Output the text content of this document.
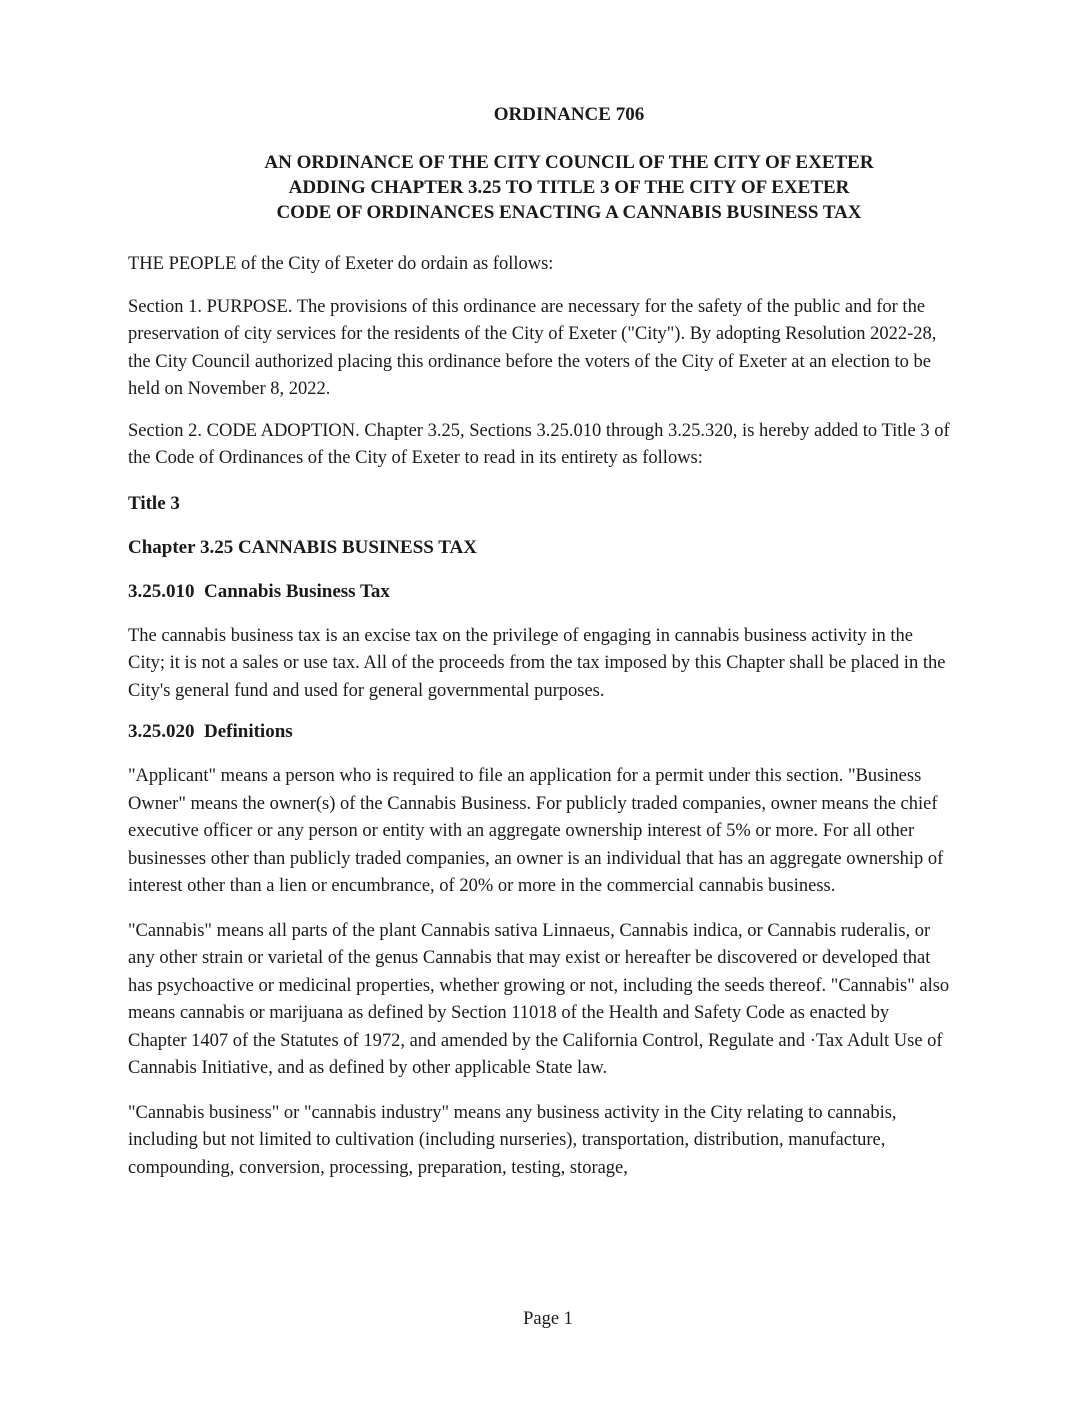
ORDINANCE 706
AN ORDINANCE OF THE CITY COUNCIL OF THE CITY OF EXETER
ADDING CHAPTER 3.25 TO TITLE 3 OF THE CITY OF EXETER
CODE OF ORDINANCES ENACTING A CANNABIS BUSINESS TAX

THE PEOPLE of the City of Exeter do ordain as follows:

Section 1. PURPOSE. The provisions of this ordinance are necessary for the safety of the public and for the preservation of city services for the residents of the City of Exeter ("City"). By adopting Resolution 2022-28, the City Council authorized placing this ordinance before the voters of the City of Exeter at an election to be held on November 8, 2022.

Section 2. CODE ADOPTION. Chapter 3.25, Sections 3.25.010 through 3.25.320, is hereby added to Title 3 of the Code of Ordinances of the City of Exeter to read in its entirety as follows:

Title 3
Chapter 3.25 CANNABIS BUSINESS TAX
3.25.010  Cannabis Business Tax

The cannabis business tax is an excise tax on the privilege of engaging in cannabis business activity in the City; it is not a sales or use tax. All of the proceeds from the tax imposed by this Chapter shall be placed in the City's general fund and used for general governmental purposes.

3.25.020  Definitions

"Applicant" means a person who is required to file an application for a permit under this section. "Business Owner" means the owner(s) of the Cannabis Business. For publicly traded companies, owner means the chief executive officer or any person or entity with an aggregate ownership interest of 5% or more. For all other businesses other than publicly traded companies, an owner is an individual that has an aggregate ownership of interest other than a lien or encumbrance, of 20% or more in the commercial cannabis business.

"Cannabis" means all parts of the plant Cannabis sativa Linnaeus, Cannabis indica, or Cannabis ruderalis, or any other strain or varietal of the genus Cannabis that may exist or hereafter be discovered or developed that has psychoactive or medicinal properties, whether growing or not, including the seeds thereof. "Cannabis" also means cannabis or marijuana as defined by Section 11018 of the Health and Safety Code as enacted by Chapter 1407 of the Statutes of 1972, and amended by the California Control, Regulate and ·Tax Adult Use of Cannabis Initiative, and as defined by other applicable State law.

"Cannabis business" or "cannabis industry" means any business activity in the City relating to cannabis, including but not limited to cultivation (including nurseries), transportation, distribution, manufacture, compounding, conversion, processing, preparation, testing, storage,

Page 1
